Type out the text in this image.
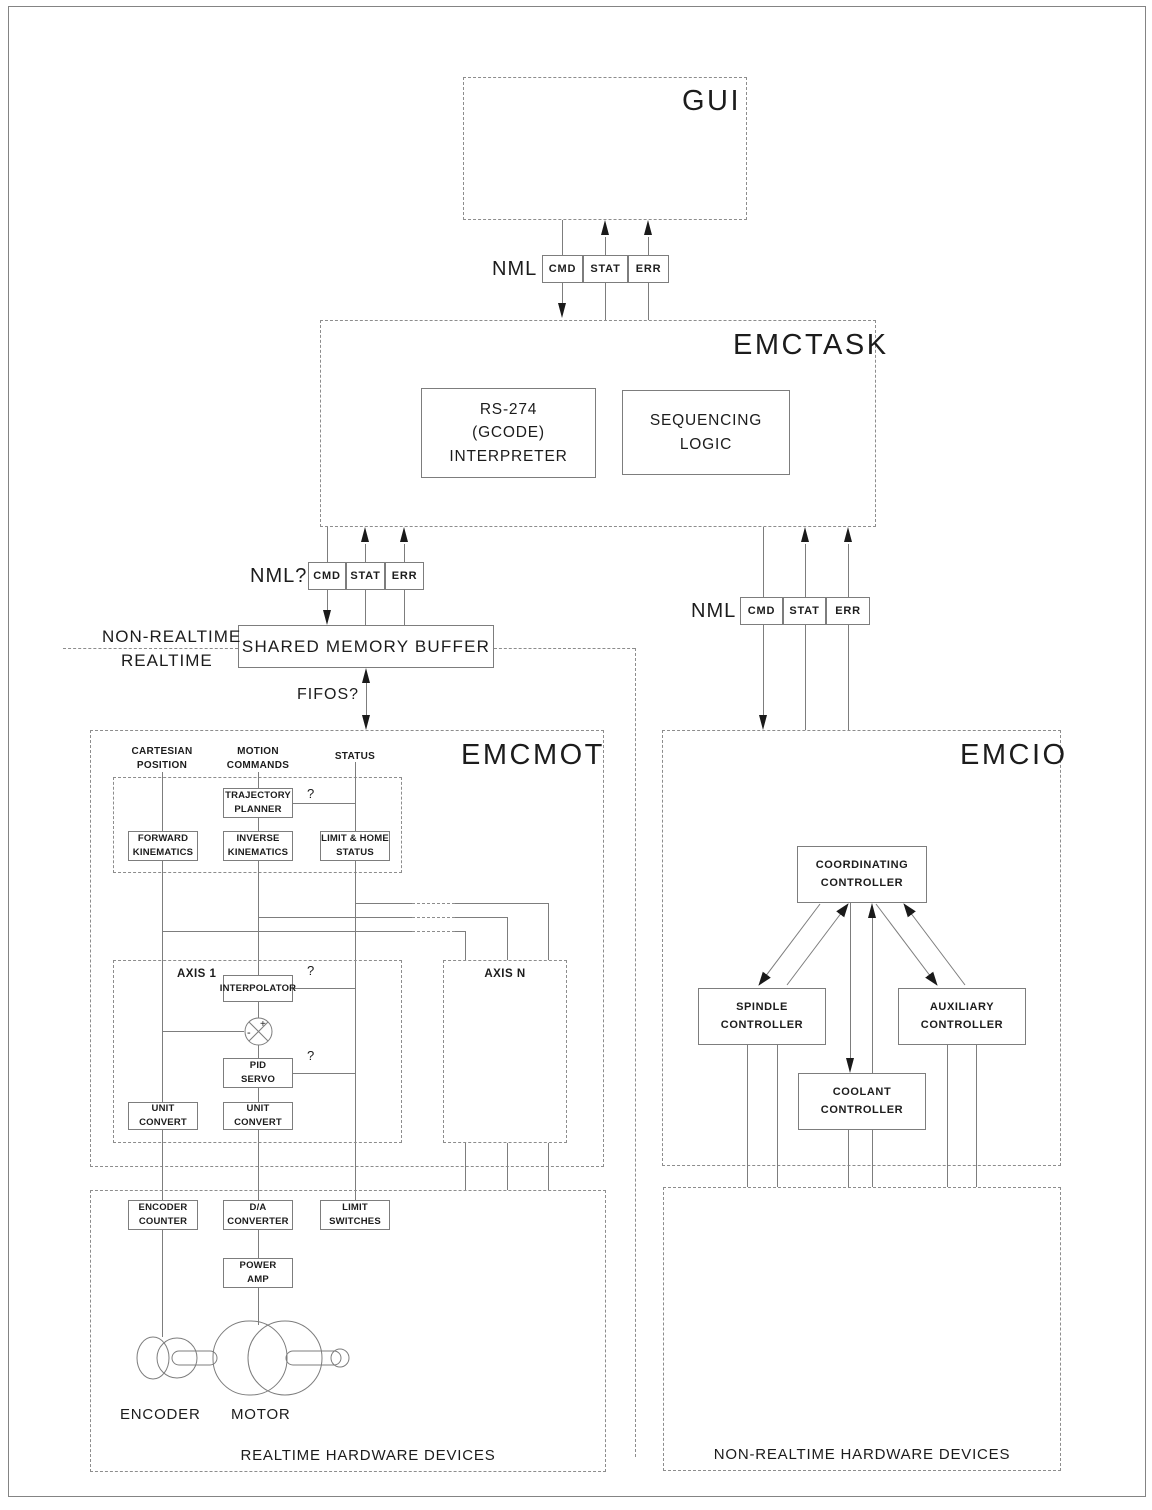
GUI
NML CMD STAT ERR
EMCTASK
RS-274
(GCODE)
INTERPRETER
SEQUENCING
LOGIC
NML? CMD STAT ERR
NML CMD STAT ERR
SHARED MEMORY BUFFER
NON-REALTIME
REALTIME
FIFOS?
EMCMOT
CARTESIAN
POSITION
MOTION
COMMANDS
STATUS
?
?
?
AXIS 1	AXIS N
TRAJECTORY
PLANNER
FORWARD
KINEMATICS
INVERSE
KINEMATICS
LIMIT & HOME
STATUS
INTERPOLATOR
+
-
PID
SERVO
UNIT
CONVERT
UNIT
CONVERT
REALTIME HARDWARE DEVICES
ENCODER
COUNTER
D/A
CONVERTER
LIMIT
SWITCHES
POWER
AMP
ENCODER MOTOR
EMCIO
COORDINATING
CONTROLLER
SPINDLE
CONTROLLER
AUXILIARY
CONTROLLER
COOLANT
CONTROLLER
NON-REALTIME HARDWARE DEVICES
